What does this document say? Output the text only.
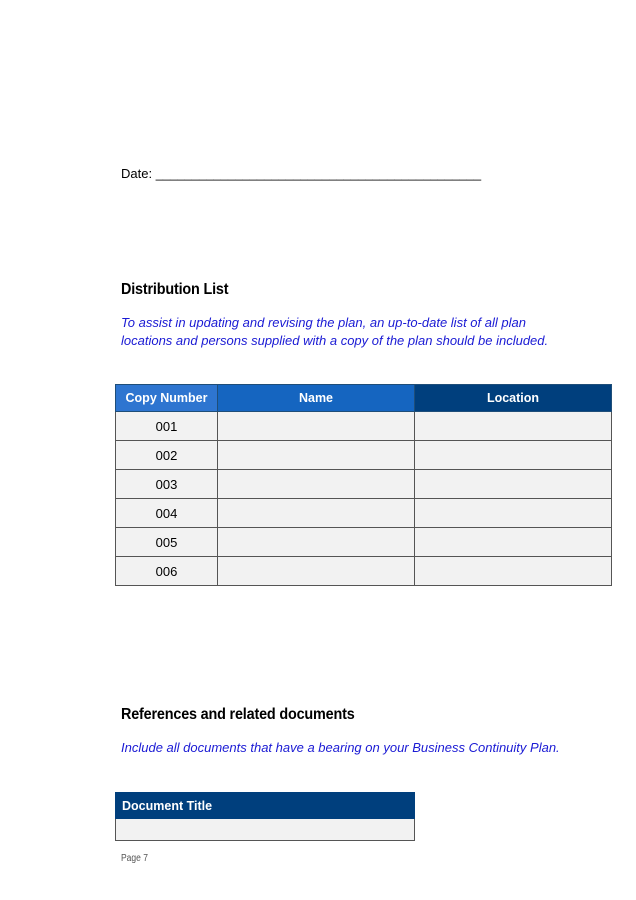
Date: _____________________________________________
Distribution List
To assist in updating and revising the plan, an up-to-date list of all plan locations and persons supplied with a copy of the plan should be included.
Copy Number	Name	Location
001		
002		
003		
004		
005		
006		
References and related documents
Include all documents that have a bearing on your Business Continuity Plan.
Document Title

Page 7
